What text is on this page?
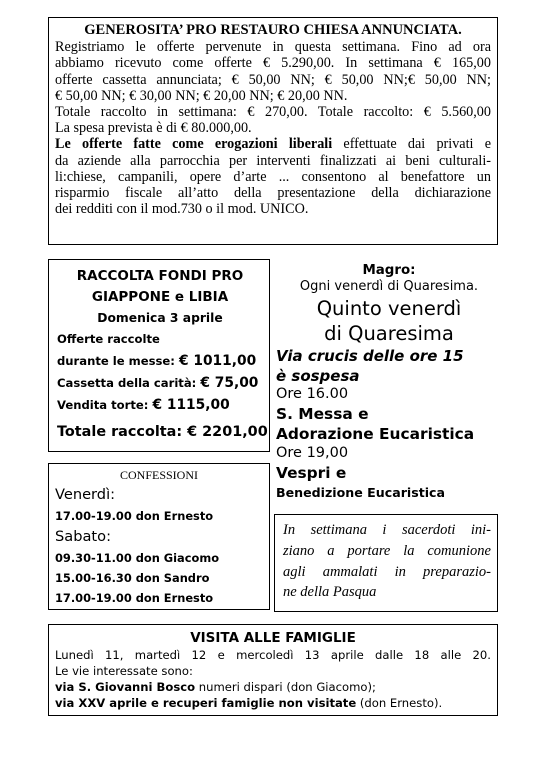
GENEROSITA’ PRO RESTAURO CHIESA ANNUNCIATA.

Registriamo le offerte pervenute in questa settimana. Fino ad ora

abbiamo ricevuto come offerte € 5.290,00. In settimana € 165,00

offerte cassetta annunciata; € 50,00 NN; € 50,00 NN;€ 50,00 NN;

€ 50,00 NN; € 30,00 NN; € 20,00 NN; € 20,00 NN.

Totale raccolto in settimana: € 270,00. Totale raccolto: € 5.560,00

La spesa prevista è di € 80.000,00.

Le offerte fatte come erogazioni liberali effettuate dai privati e

da aziende alla parrocchia per interventi finalizzati ai beni culturali-

li:chiese, campanili, opere d’arte ... consentono al benefattore un

risparmio fiscale all’atto della presentazione della dichiarazione

dei redditi con il mod.730 o il mod. UNICO.

RACCOLTA FONDI PRO

GIAPPONE e LIBIA

Domenica 3 aprile

Offerte raccolte

durante le messe: € 1011,00

Cassetta della carità: € 75,00

Vendita torte: € 1115,00

Totale raccolta: € 2201,00

CONFESSIONI

Venerdì:

17.00-19.00 don Ernesto

Sabato:

09.30-11.00 don Giacomo

15.00-16.30 don Sandro

17.00-19.00 don Ernesto

Magro:

Ogni venerdì di Quaresima.

Quinto venerdì

di Quaresima

Via crucis delle ore 15

è sospesa

Ore 16.00

S. Messa e

Adorazione Eucaristica

Ore 19,00

Vespri e

Benedizione Eucaristica

In settimana i sacerdoti ini-

ziano a portare la comunione

agli ammalati in preparazio-

ne della Pasqua

VISITA ALLE FAMIGLIE

Lunedì 11, martedì 12 e mercoledì 13 aprile dalle 18 alle 20.

Le vie interessate sono:

via S. Giovanni Bosco numeri dispari (don Giacomo);

via XXV aprile e recuperi famiglie non visitate (don Ernesto).
